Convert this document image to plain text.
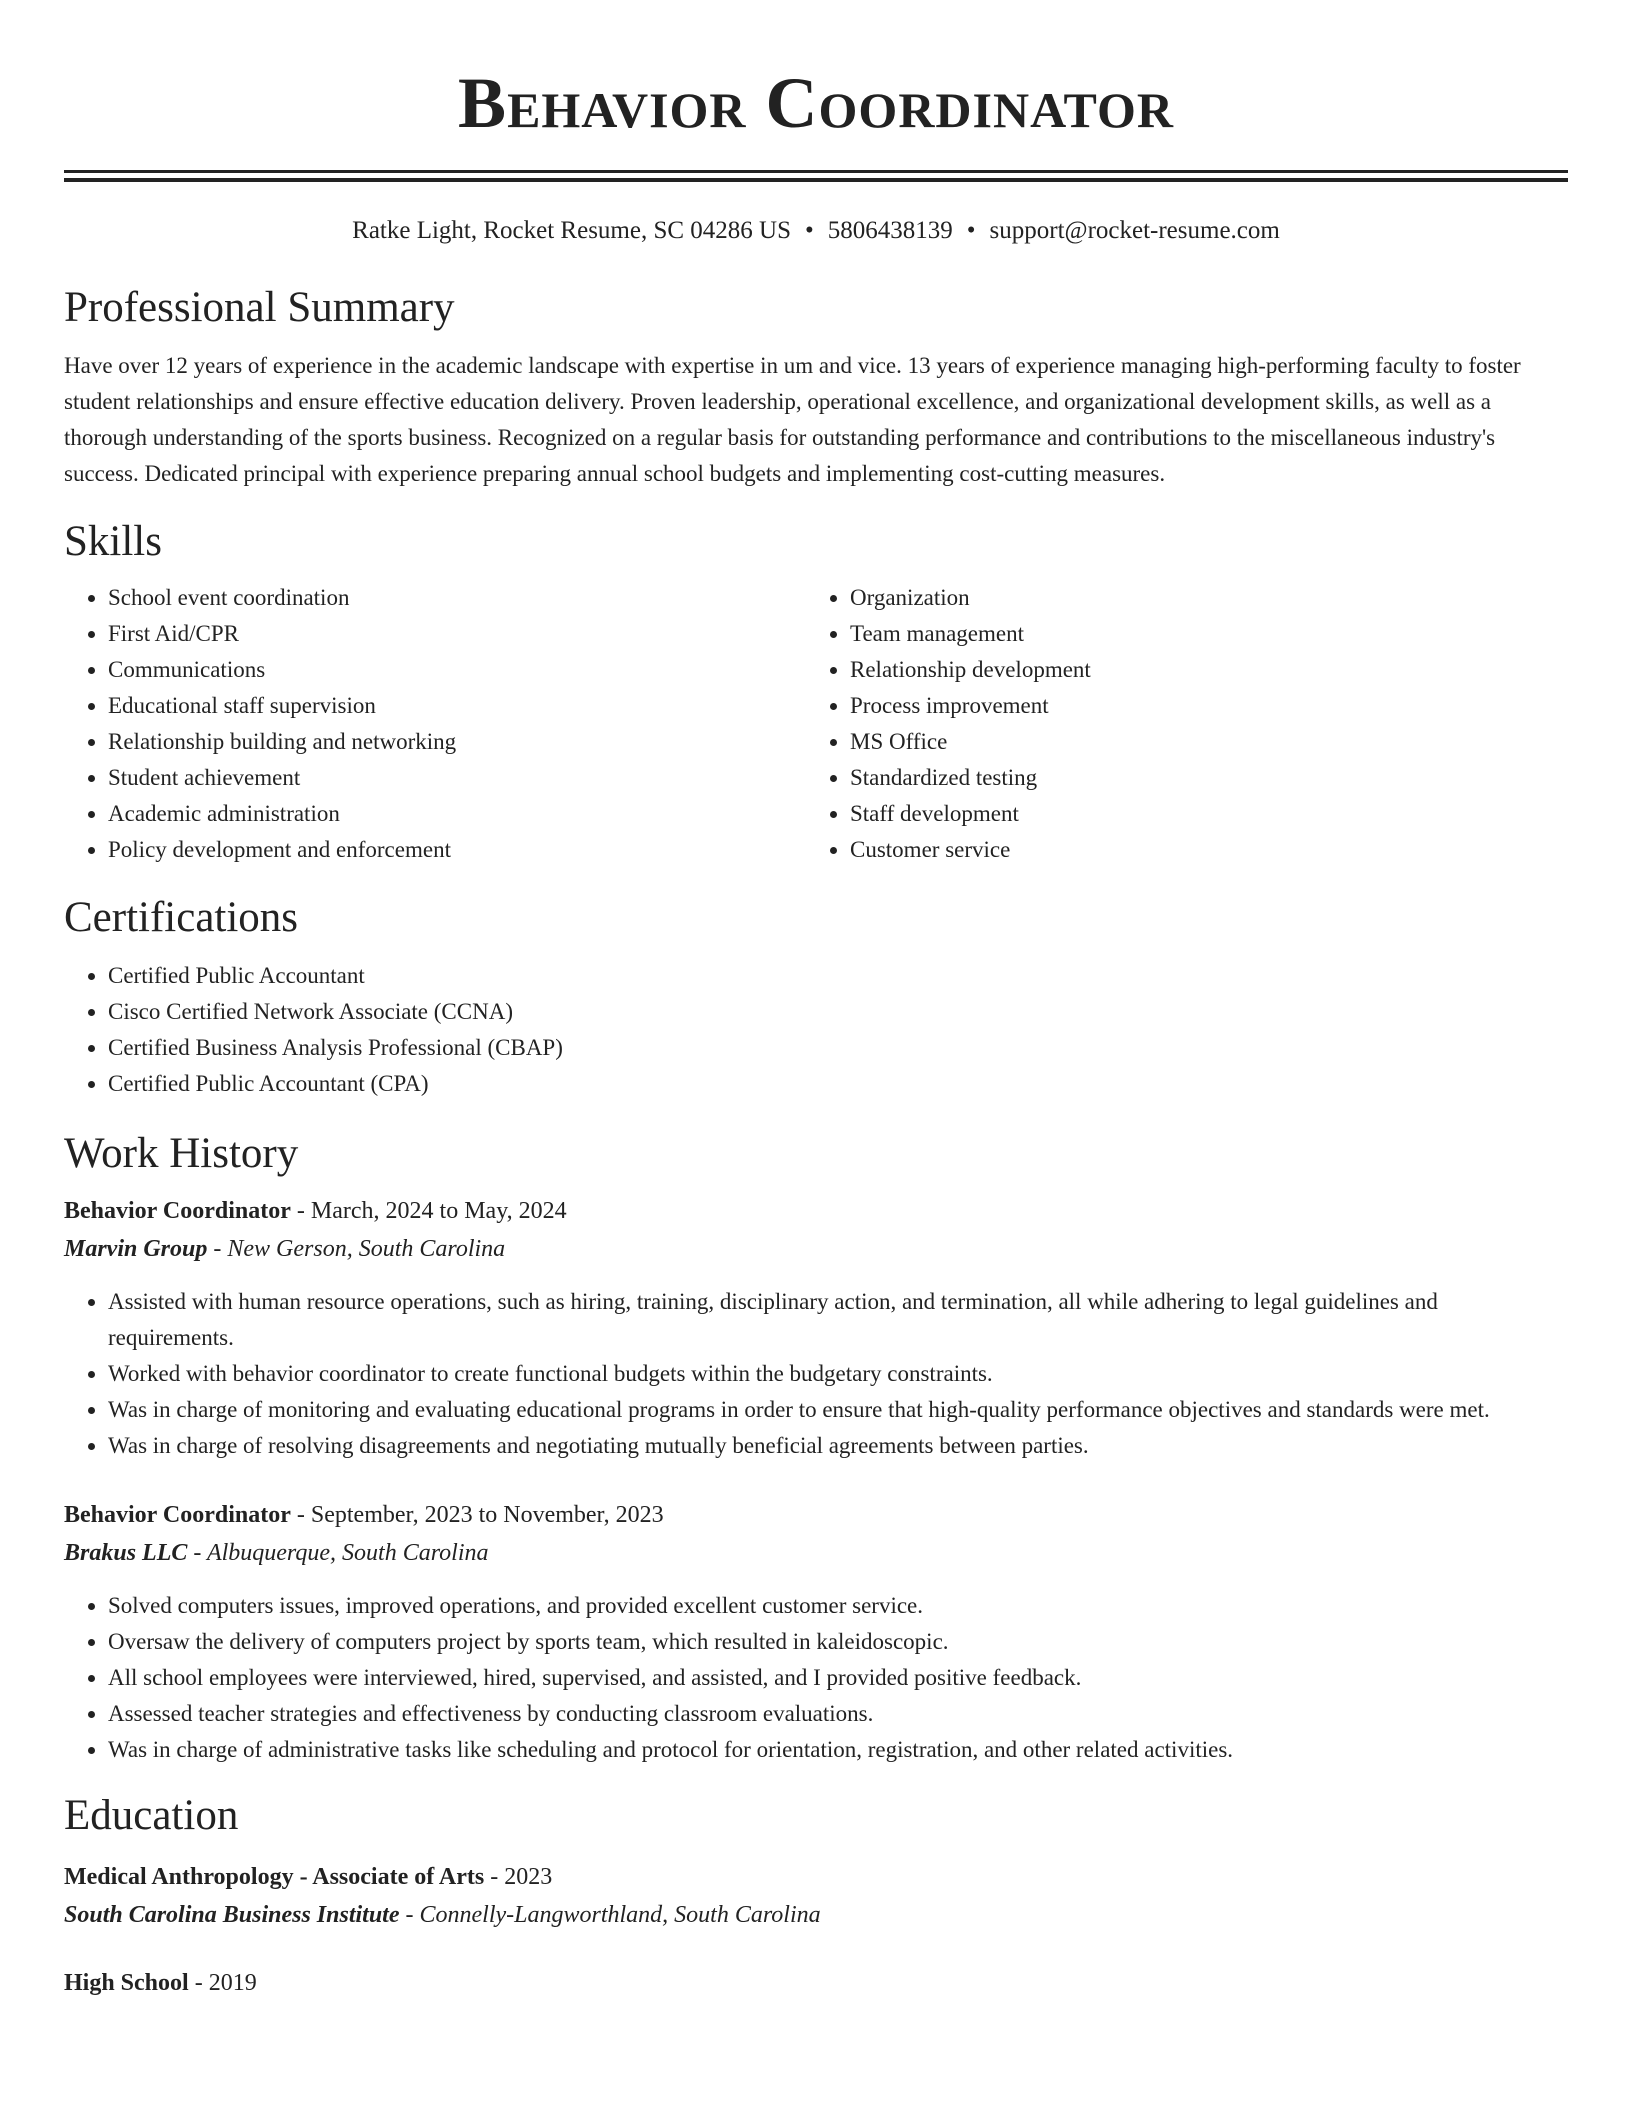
Behavior Coordinator
Ratke Light, Rocket Resume, SC 04286 US • 5806438139 • support@rocket-resume.com
Professional Summary

Have over 12 years of experience in the academic landscape with expertise in um and vice. 13 years of experience managing high-performing faculty to foster student relationships and ensure effective education delivery. Proven leadership, operational excellence, and organizational development skills, as well as a thorough understanding of the sports business. Recognized on a regular basis for outstanding performance and contributions to the miscellaneous industry's success. Dedicated principal with experience preparing annual school budgets and implementing cost-cutting measures.

Skills
• School event coordination
• First Aid/CPR
• Communications
• Educational staff supervision
• Relationship building and networking
• Student achievement
• Academic administration
• Policy development and enforcement
• Organization
• Team management
• Relationship development
• Process improvement
• MS Office
• Standardized testing
• Staff development
• Customer service
Certifications
• Certified Public Accountant
• Cisco Certified Network Associate (CCNA)
• Certified Business Analysis Professional (CBAP)
• Certified Public Accountant (CPA)
Work History
Behavior Coordinator - March, 2024 to May, 2024
Marvin Group - New Gerson, South Carolina
• Assisted with human resource operations, such as hiring, training, disciplinary action, and termination, all while adhering to legal guidelines and requirements.
• Worked with behavior coordinator to create functional budgets within the budgetary constraints.
• Was in charge of monitoring and evaluating educational programs in order to ensure that high-quality performance objectives and standards were met.
• Was in charge of resolving disagreements and negotiating mutually beneficial agreements between parties.
Behavior Coordinator - September, 2023 to November, 2023
Brakus LLC - Albuquerque, South Carolina
• Solved computers issues, improved operations, and provided excellent customer service.
• Oversaw the delivery of computers project by sports team, which resulted in kaleidoscopic.
• All school employees were interviewed, hired, supervised, and assisted, and I provided positive feedback.
• Assessed teacher strategies and effectiveness by conducting classroom evaluations.
• Was in charge of administrative tasks like scheduling and protocol for orientation, registration, and other related activities.
Education
Medical Anthropology - Associate of Arts - 2023
South Carolina Business Institute - Connelly-Langworthland, South Carolina
High School - 2019
